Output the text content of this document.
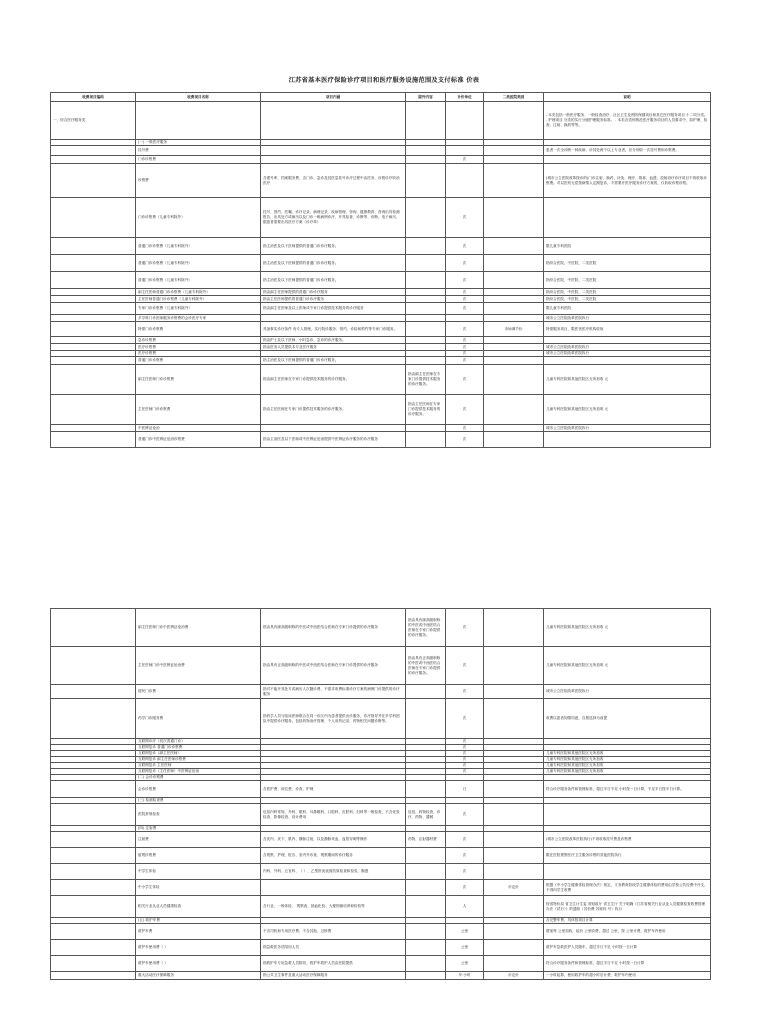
江苏省基本医疗保险诊疗项目和医疗服务设施范围及支付标准 价表
收费项目编码	收费项目名称	项目内涵	除外内容	计价单位	二类医院类别	说明
一、综合医疗服务类						. 本类包括一般医疗服务、一般检查治疗、社区卫生及预防保健项目和其它医疗服务项目 十二项分类。 . 护理项目 分类的实行分级护理服务标准。 . 本类各类别规范医疗服务项目的人员要求中，如护理、检查、注射、换药等等。
	(一) 一般医疗服务					
	挂号费					患者一次全诊断一种疾病，诊其处两个以上专业者，应分别收一次挂号费和诊察费。
	门诊诊察费			次		
	诊察费	含建号库、挡案服务费、含门诊、急诊及其医急挂号诊疗过程中由医务、诊察诊疗收治医疗				(城市公立医院改革按诊的)门诊注射、换药、针灸、理疗、推拿、血透、放射治疗诊疗项目不再收取诊察费。对以医药无偿按病情人定期复诊，不需要开医疗服务诊疗方案的，仅收取诊察诊察。
	门诊诊察费（儿童专科除外）	挂号、预约、医嘱、诊疗记录、病理记录、疾病管理、咨询、健康教育、咨询出具检测报告，出具处方或病历以及门诊一般病例诊疗、开具检查、诊断等、诊断、电子病历，据患者需要出具医疗方案（诊疗单）		次		
	普通门诊诊察费（儿童专科除外）	指主治医及以下医师提供的普通门诊诊疗服务。		次		限儿童专科医院
	普通门诊诊察费（儿童专科除外）	指主治医及以下医师提供的普通门诊诊疗服务。		次		指综合医院、中医院、二类医院
	普通门诊诊察费（儿童专科除外）	指主治医及以下医师提供的普通门诊诊疗服务。		次		指综合医院、中医院、二类医院
	副主任医师普通门诊诊察费（儿童专科除外）	指由副主任医师提供的普通门诊诊疗服务		次		指综合医院、中医院、二类医院
	主任医师普通门诊诊察费（儿童专科除外）	指由主任医师提供的普通门诊诊疗服务		次		指综合医院、中医院、二类医院
	专家门诊诊察费（儿童专科除外）	指由副主任医师及以上医师或专家门诊提供技术服务的诊疗服务		次		限儿童专科医院
	多学科门诊医师服务诊察费的会诊医疗专家					城市公立医院改革医院执行
	特需门诊诊察费	具备事实诊疗条件 有专人管理，实行院诊服务、预约、诊检和预约等专家门诊服务。		次	市场调节价	特需服务项目，限医者医疗机构收取
	急诊诊察费	指由护士及以下医师、小时急诊、急诊的诊疗服务。		次		
	医疗诊察费	指由医务人员提供本专业医疗服务		次		城市公立医院改革医院执行
	医疗诊察费			次		城市公立医院改革医院执行
	普通门诊诊察费	指主治医及以下医师提供的普通门诊诊疗服务。		次		
	副主任医师门诊诊察费	指由副主任医师在专家门诊提供技术服务的诊疗服务。	指由副主任医师在专家门诊提供技术服务的诊疗服务。	次		儿童专科医院和其他医院区无所加收 元
	主任医师门诊诊察费	指由主任医师在专家门诊提供技术服务的诊疗服务。	指由主任医师在专家门诊提供技术服务的诊疗服务。	次		儿童专科医院和其他医院区无所加收 元
	中医辨证论治			次		城市公立医院改革医院执行
	普通门诊中医辨证论治诊察费	指由主治医及以下医师或中医辨证论治提供中医辨证诊疗服务的诊疗服务		次		
	副主任医师门诊中医辨证论治费	指由具有副高级职称的中医或中西医结合医师在专家门诊提供的诊疗服务	指由具有副高级职称的中医或中西医结合医师在专家门诊提供的诊疗服务。	次		儿童专科医院和其他医院区无所加收 元
	主任医师门诊中医辨证论治费	指由具有正高级职称的中医或中西医结合医师在专家门诊提供的诊疗服务	指由具有正高级职称的中医或中西医结合医师在专家门诊提供的诊疗服务。	次		儿童专科医院和其他医院区无所加收 元
	便民门诊费	指对不能开具处方或病历人次随诊费，不需求收费标准诊疗方案的病例门诊提供的诊疗服务		次		城市公立医院改革医院执行
	药学门诊服务费	指药学人员与临床医师联合在同一诊区内为患者提供出诊服务，诊疗指导并在多学科团队中提供诊疗服务。包括药物治疗管理、个人用药记录、药物相关问题诊断等。		次		收费以患者知情同意，自愿选择为前提
	互联网诊疗（初次普通门诊）			次		
	互联网复诊 普通门诊诊察费			次		
	互联网复诊（副主任医师）			次		儿童专科医院和其他医院区无所加收
	互联网复诊 副主任医师诊察费			次		儿童专科医院和其他医院区无所加收
	互联网复诊 主任医师			次		儿童专科医院和其他医院区无所加收
	互联网复诊（主任医师）中医辨证论治			次		儿童专科医院和其他医院区无所加收
	(二) 会诊诊察费					
	会诊诊察费	含医护费、床位费、诊查、护理		日		符合诊疗服务条件和管理标准，超过半日不足 小时按一日计算，不足半日按半日计算。
	(三) 检测检查费					
	医院常规检查	包括内科常规、外科、眼科、耳鼻喉科、口腔科、皮肤科、妇科等一般检查，不含化验检查、影像检查、设计费用	包括、药物检查、诊疗、药物、器械	次		
	(四) 注射费					
	注射费	含皮内、皮下、肌内、静脉注射，以及静脉采血、血管穿刺等操作	药物、注射器材费	次		(城市公立医院改革医院执行)不再收取挂号费及诊察费
	留观诊察费	含观察、护理、报告、室内外诊查、观察期间的诊疗服务		次		限在医院观察医疗卫生服务诊察的其他医院执行
	中学生体检	内科、外科、五官科、（ ）、乙型肝炎表面抗原检查和检验、胸透		次		
	中小学生体检			次	市定价	根据《中小学生健康体检管理办法》规定，义务教育阶段学生健康体检的费用由学校公共经费中开支，不得向学生收费
	相关行业从业人员健康检查	含行业、一般体检、 观察表、抽血化验、大便细菌培养和检验等		人		按省物价局 省卫生计生委 省财政厅 省卫生厅 关于明确《江苏省相关行业从业人员健康检查收费管理办法（试行）》的通知（苏价费 苏财综 号）执行
	(五) 救护车费					含完整车费，具体按项目计算
	救护车费	不含司机和专用医疗费，不含其他、过桥费		公里		增加每 公里加收，起价 公里收费，超过 公里，按 公里计费，救护车内使用
	救护车使用费（ ）	指急救医务员陪同人员		公里		救护车急救医护人员随车，超过半日不足 小时按一日计算
	救护车使用费（ ）	指救护车专用急救人员陪同、救护车救护人员由医院提供		公里		符合诊疗服务条件和管理标准，超过半日不足 小时按一日计算
	重大活动医疗保障服务	指公共卫生事件及重大活动医疗保障服务		车·小时	市定价	一小时起算，使用救护车的超小时后计费，救护车内使用
